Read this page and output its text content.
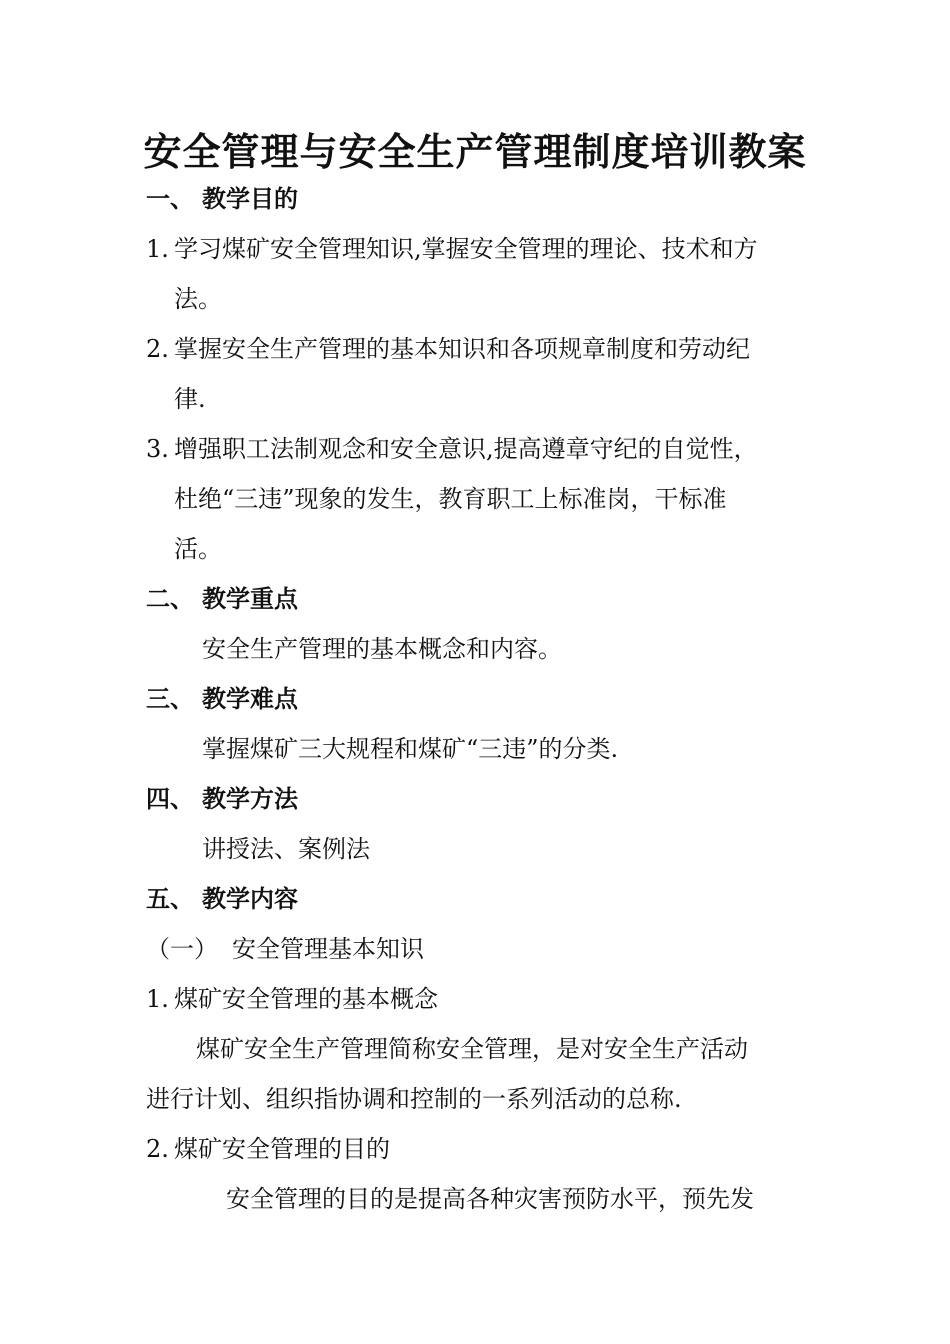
安全管理与安全生产管理制度培训教案
一、 教学目的
1. 学习煤矿安全管理知识,掌握安全管理的理论、技术和方
法。
2. 掌握安全生产管理的基本知识和各项规章制度和劳动纪
律.
3. 增强职工法制观念和安全意识,提高遵章守纪的自觉性，
杜绝“三违”现象的发生，教育职工上标准岗，干标准
活。
二、 教学重点
安全生产管理的基本概念和内容。
三、 教学难点
掌握煤矿三大规程和煤矿“三违”的分类.
四、 教学方法
讲授法、案例法
五、 教学内容
（一） 安全管理基本知识
1. 煤矿安全管理的基本概念
煤矿安全生产管理简称安全管理，是对安全生产活动
进行计划、组织指协调和控制的一系列活动的总称.
2. 煤矿安全管理的目的
安全管理的目的是提高各种灾害预防水平，预先发
